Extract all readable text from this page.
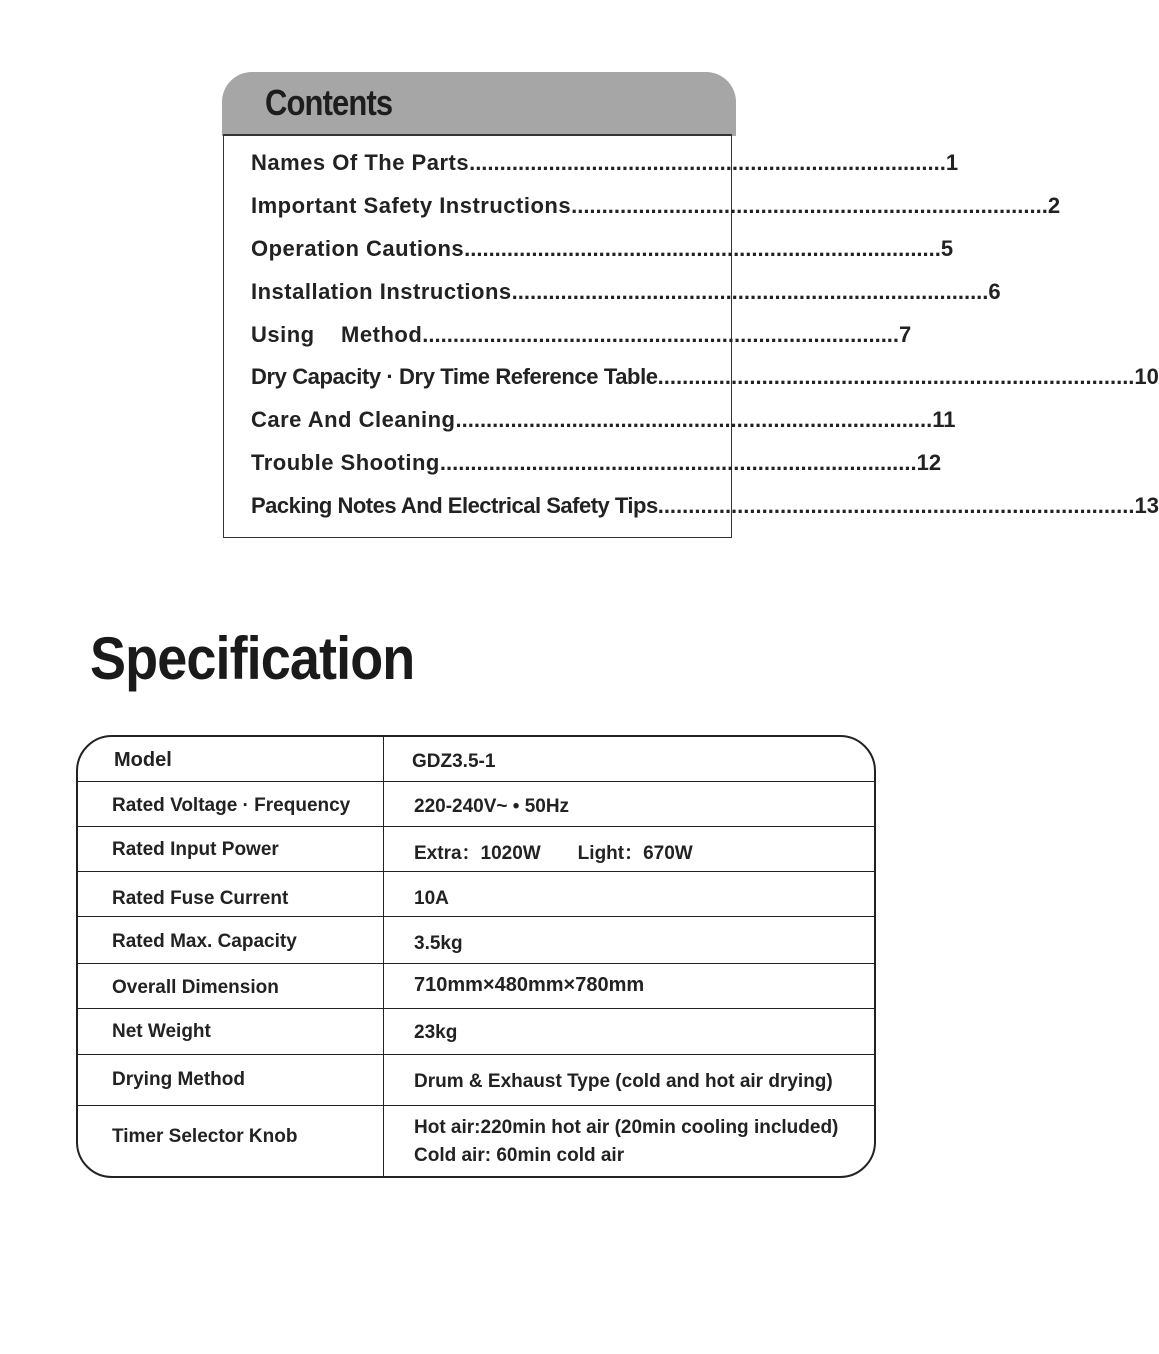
Contents
Names Of The Parts .............................................................................. 1
Important Safety Instructions .............................................................................. 2
Operation Cautions .............................................................................. 5
Installation Instructions .............................................................................. 6
Using    Method .............................................................................. 7
Dry Capacity · Dry Time Reference Table .............................................................................. 10
Care And Cleaning .............................................................................. 11
Trouble Shooting .............................................................................. 12
Packing Notes And Electrical Safety Tips .............................................................................. 13
Specification
Model	GDZ3.5-1
Rated Voltage · Frequency	220-240V~ • 50Hz
Rated Input Power	Extra：1020W       Light：670W
Rated Fuse Current	10A
Rated Max. Capacity	3.5kg
Overall Dimension	710mm×480mm×780mm
Net Weight	23kg
Drying Method	Drum & Exhaust Type (cold and hot air drying)
Timer Selector Knob	Hot air:220min hot air (20min cooling included)
Cold air: 60min cold air
